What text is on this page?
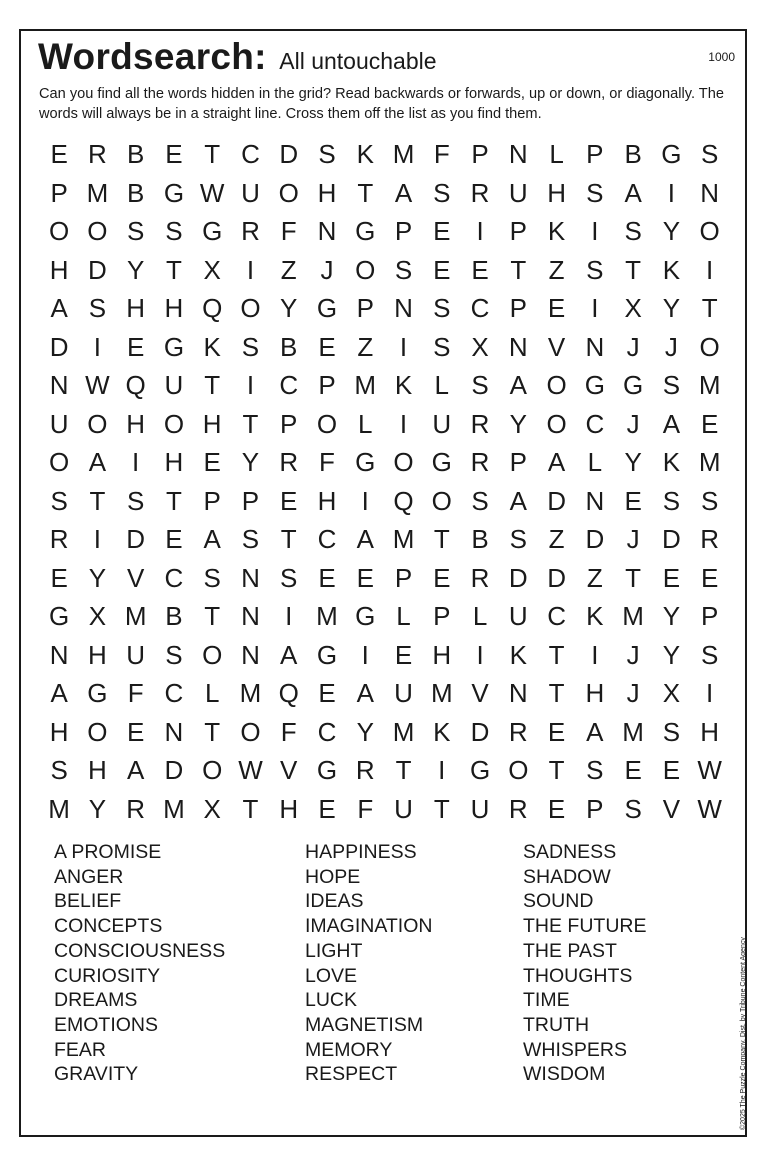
Wordsearch: All untouchable	1000
Can you find all the words hidden in the grid? Read backwards or forwards, up or down, or diagonally. The words will always be in a straight line. Cross them off the list as you find them.
E R B E T C D S K M F P N L P B G S
P M B G W U O H T A S R U H S A I N
O O S S G R F N G P E I P K I S Y O
H D Y T X I	Z J O S E E T Z S T K I
A S H H Q O Y G P N S C P E I X Y T
D I E G K S B E Z	I S X N V N J J O
N W Q U T	I C P M K L S A O G G S M
U O H O H T P O L	I U R Y O C J A E
O A I H E Y R F G O G R P A L Y K M
S T S T P P E H I Q O S A D N E S S
R I D E A S T C A M T B S Z D J D R
E Y V C S N S E E P E R D D Z T E E
G X M B T N I M G L P L U C K M Y P
N H U S O N A G I E H I K T	I	J Y S
A G F C L M Q E A U M V N T H J X I
H O E N T O F C Y M K D R E A M S H
S H A D O W V G R T	I G O T S E E W
M Y R M X T H E F U T U R E P S V W
A PROMISE
ANGER
BELIEF
CONCEPTS
CONSCIOUSNESS
CURIOSITY
DREAMS
EMOTIONS
FEAR
GRAVITY
HAPPINESS
HOPE
IDEAS
IMAGINATION
LIGHT
LOVE
LUCK
MAGNETISM
MEMORY
RESPECT
SADNESS
SHADOW
SOUND
THE FUTURE
THE PAST
THOUGHTS
TIME
TRUTH
WHISPERS
WISDOM	©2025 The Puzzle Company. Dist. by Tribune Content Agency
